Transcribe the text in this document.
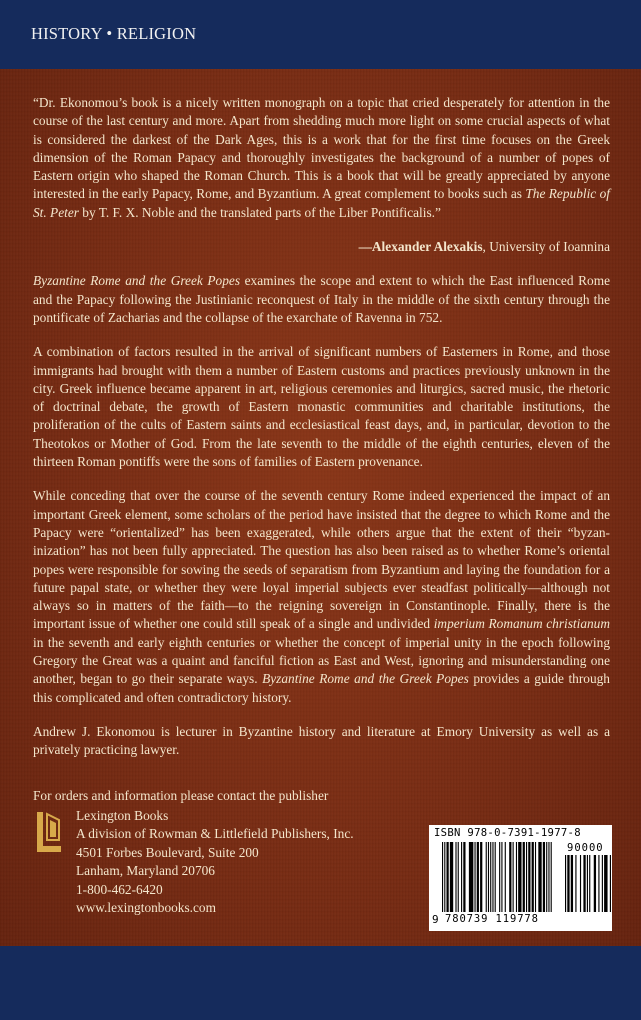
HISTORY • RELIGION

“Dr. Ekonomou’s book is a nicely written monograph on a topic that cried desperately for attention in the course of the last century and more. Apart from shedding much more light on some crucial aspects of what is considered the darkest of the Dark Ages, this is a work that for the first time focuses on the Greek dimension of the Roman Papacy and thoroughly investigates the background of a number of popes of Eastern origin who shaped the Roman Church. This is a book that will be greatly appreciated by anyone interested in the early Papacy, Rome, and Byzantium. A great complement to books such as The Republic of St. Peter by T. F. X. Noble and the translated parts of the Liber Pontificalis.”

—Alexander Alexakis, University of Ioannina

Byzantine Rome and the Greek Popes examines the scope and extent to which the East influenced Rome and the Papacy following the Justinianic reconquest of Italy in the middle of the sixth century through the pontificate of Zacharias and the collapse of the exarchate of Ravenna in 752.

A combination of factors resulted in the arrival of significant numbers of Easterners in Rome, and those immigrants had brought with them a number of Eastern customs and practices previously unknown in the city. Greek influence became apparent in art, religious ceremonies and liturgics, sacred music, the rhetoric of doctrinal debate, the growth of Eastern monastic communities and charitable institutions, the proliferation of the cults of Eastern saints and ecclesiastical feast days, and, in particular, devotion to the Theotokos or Mother of God. From the late seventh to the middle of the eighth centuries, eleven of the thirteen Roman pontiffs were the sons of families of Eastern provenance.

While conceding that over the course of the seventh century Rome indeed experienced the impact of an important Greek element, some scholars of the period have insisted that the degree to which Rome and the Papacy were “orientalized” has been exaggerated, while others argue that the extent of their “byzaninization” has not been fully appreciated. The question has also been raised as to whether Rome’s oriental popes were responsible for sowing the seeds of separatism from Byzantium and laying the foundation for a future papal state, or whether they were loyal imperial subjects ever steadfast politically—although not always so in matters of the faith—to the reigning sovereign in Constantinople. Finally, there is the important issue of whether one could still speak of a single and undivided imperium Romanum christianum in the seventh and early eighth centuries or whether the concept of imperial unity in the epoch following Gregory the Great was a quaint and fanciful fiction as East and West, ignoring and misunderstanding one another, began to go their separate ways. Byzantine Rome and the Greek Popes provides a guide through this complicated and often contradictory history.

Andrew J. Ekonomou is lecturer in Byzantine history and literature at Emory University as well as a privately practicing lawyer.

For orders and information please contact the publisher
Lexington Books
A division of Rowman & Littlefield Publishers, Inc.
4501 Forbes Boulevard, Suite 200
Lanham, Maryland 20706
1-800-462-6420
www.lexingtonbooks.com
ISBN 978-0-7391-1977-8
90000
9 780739 119778
